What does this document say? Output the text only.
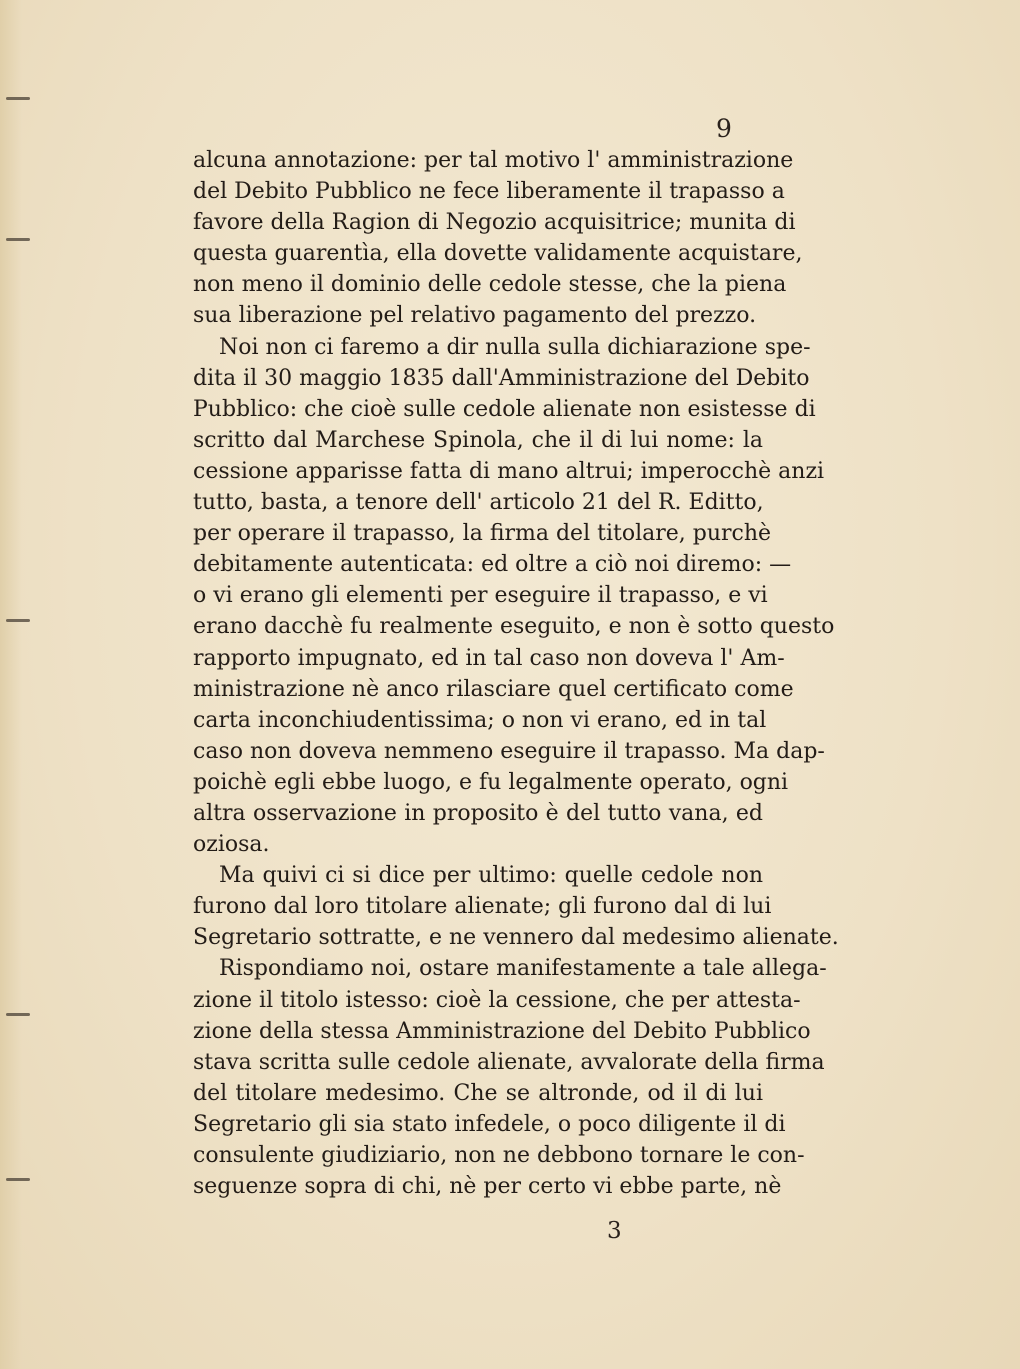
9
alcuna annotazione: per tal motivo l' amministrazione
del Debito Pubblico ne fece liberamente il trapasso a
favore della Ragion di Negozio acquisitrice; munita di
questa guarentìa, ella dovette validamente acquistare,
non meno il dominio delle cedole stesse, che la piena
sua liberazione pel relativo pagamento del prezzo.
Noi non ci faremo a dir nulla sulla dichiarazione spe-
dita il 30 maggio 1835 dall'Amministrazione del Debito
Pubblico: che cioè sulle cedole alienate non esistesse di
scritto dal Marchese Spinola, che il di lui nome: la
cessione apparisse fatta di mano altrui; imperocchè anzi
tutto, basta, a tenore dell' articolo 21 del R. Editto,
per operare il trapasso, la firma del titolare, purchè
debitamente autenticata: ed oltre a ciò noi diremo: —
o vi erano gli elementi per eseguire il trapasso, e vi
erano dacchè fu realmente eseguito, e non è sotto questo
rapporto impugnato, ed in tal caso non doveva l' Am-
ministrazione nè anco rilasciare quel certificato come
carta inconchiudentissima; o non vi erano, ed in tal
caso non doveva nemmeno eseguire il trapasso. Ma dap-
poichè egli ebbe luogo, e fu legalmente operato, ogni
altra osservazione in proposito è del tutto vana, ed
oziosa.
Ma quivi ci si dice per ultimo: quelle cedole non
furono dal loro titolare alienate; gli furono dal di lui
Segretario sottratte, e ne vennero dal medesimo alienate.
Rispondiamo noi, ostare manifestamente a tale allega-
zione il titolo istesso: cioè la cessione, che per attesta-
zione della stessa Amministrazione del Debito Pubblico
stava scritta sulle cedole alienate, avvalorate della firma
del titolare medesimo. Che se altronde, od il di lui
Segretario gli sia stato infedele, o poco diligente il di
consulente giudiziario, non ne debbono tornare le con-
seguenze sopra di chi, nè per certo vi ebbe parte, nè
3
